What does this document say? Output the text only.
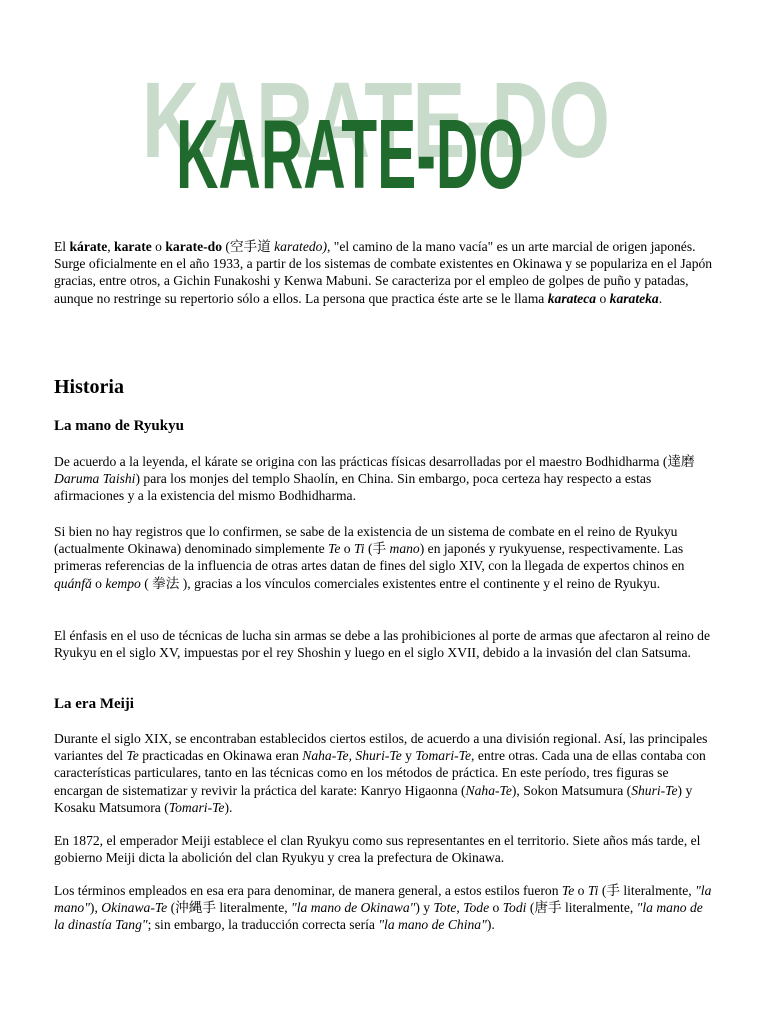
KARATE-DO
KARATE-DO

El kárate, karate o karate-do (空手道 karatedo), "el camino de la mano vacía" es un arte marcial de origen japonés. Surge oficialmente en el año 1933, a partir de los sistemas de combate existentes en Okinawa y se populariza en el Japón gracias, entre otros, a Gichin Funakoshi y Kenwa Mabuni. Se caracteriza por el empleo de golpes de puño y patadas, aunque no restringe su repertorio sólo a ellos. La persona que practica éste arte se le llama karateca o karateka.

Historia
La mano de Ryukyu

De acuerdo a la leyenda, el kárate se origina con las prácticas físicas desarrolladas por el maestro Bodhidharma (達磨 Daruma Taishi) para los monjes del templo Shaolín, en China. Sin embargo, poca certeza hay respecto a estas afirmaciones y a la existencia del mismo Bodhidharma.

Si bien no hay registros que lo confirmen, se sabe de la existencia de un sistema de combate en el reino de Ryukyu (actualmente Okinawa) denominado simplemente Te o Ti (手 mano) en japonés y ryukyuense, respectivamente. Las primeras referencias de la influencia de otras artes datan de fines del siglo XIV, con la llegada de expertos chinos en quánfǎ o kempo ( 拳法 ), gracias a los vínculos comerciales existentes entre el continente y el reino de Ryukyu.

El énfasis en el uso de técnicas de lucha sin armas se debe a las prohibiciones al porte de armas que afectaron al reino de Ryukyu en el siglo XV, impuestas por el rey Shoshin y luego en el siglo XVII, debido a la invasión del clan Satsuma.

La era Meiji

Durante el siglo XIX, se encontraban establecidos ciertos estilos, de acuerdo a una división regional. Así, las principales variantes del Te practicadas en Okinawa eran Naha-Te, Shuri-Te y Tomari-Te, entre otras. Cada una de ellas contaba con características particulares, tanto en las técnicas como en los métodos de práctica. En este período, tres figuras se encargan de sistematizar y revivir la práctica del karate: Kanryo Higaonna (Naha-Te), Sokon Matsumura (Shuri-Te) y Kosaku Matsumora (Tomari-Te).

En 1872, el emperador Meiji establece el clan Ryukyu como sus representantes en el territorio. Siete años más tarde, el gobierno Meiji dicta la abolición del clan Ryukyu y crea la prefectura de Okinawa.

Los términos empleados en esa era para denominar, de manera general, a estos estilos fueron Te o Ti (手 literalmente, "la mano"), Okinawa-Te (沖縄手 literalmente, "la mano de Okinawa") y Tote, Tode o Todi (唐手 literalmente, "la mano de la dinastía Tang"; sin embargo, la traducción correcta sería "la mano de China").
